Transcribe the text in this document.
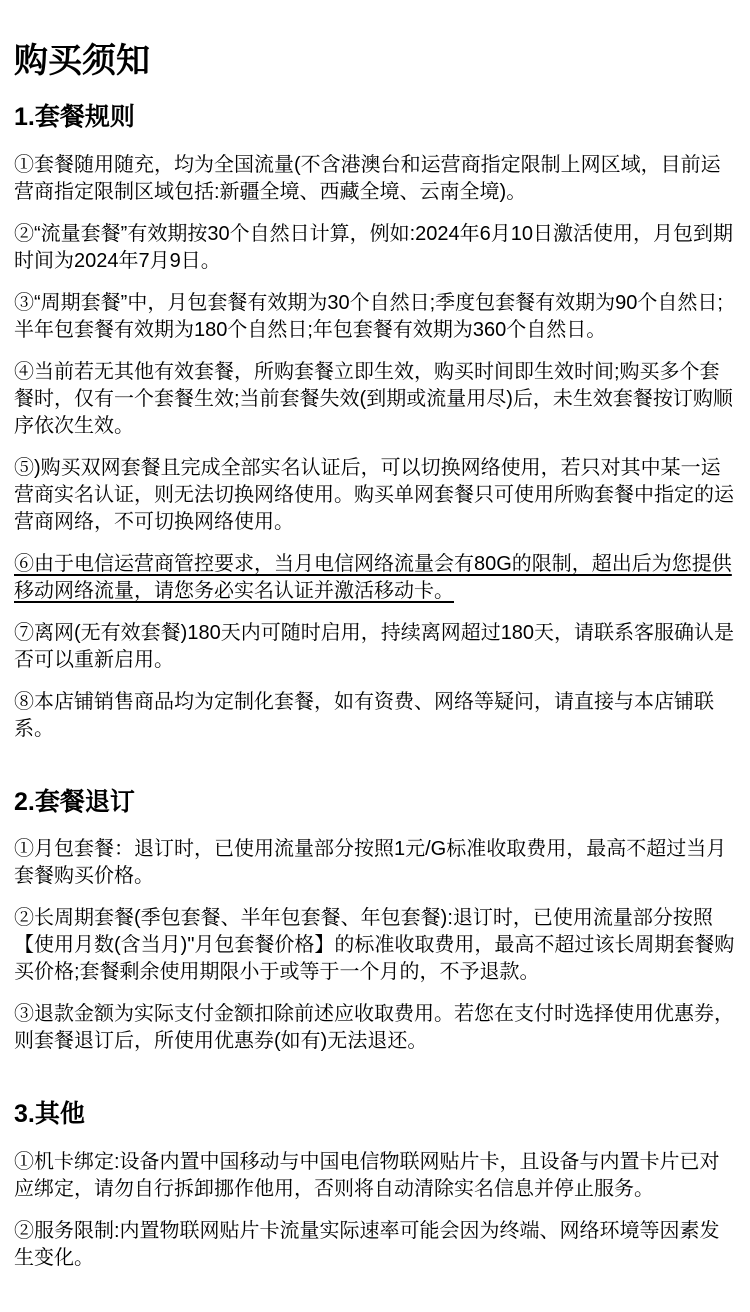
购买须知
1.套餐规则

①套餐随用随充，均为全国流量(不含港澳台和运营商指定限制上网区域，目前运营商指定限制区域包括:新疆全境、西藏全境、云南全境)。

②“流量套餐”有效期按30个自然日计算，例如:2024年6月10日激活使用，月包到期时间为2024年7月9日。

③“周期套餐”中，月包套餐有效期为30个自然日;季度包套餐有效期为90个自然日;半年包套餐有效期为180个自然日;年包套餐有效期为360个自然日。

④当前若无其他有效套餐，所购套餐立即生效，购买时间即生效时间;购买多个套餐时，仅有一个套餐生效;当前套餐失效(到期或流量用尽)后，未生效套餐按订购顺序依次生效。

⑤)购买双网套餐且完成全部实名认证后，可以切换网络使用，若只对其中某一运营商实名认证，则无法切换网络使用。购买单网套餐只可使用所购套餐中指定的运营商网络，不可切换网络使用。

⑥由于电信运营商管控要求，当月电信网络流量会有80G的限制，超出后为您提供移动网络流量，请您务必实名认证并激活移动卡。

⑦离网(无有效套餐)180天内可随时启用，持续离网超过180天，请联系客服确认是否可以重新启用。

⑧本店铺销售商品均为定制化套餐，如有资费、网络等疑问，请直接与本店铺联系。

2.套餐退订

①月包套餐：退订时，已使用流量部分按照1元/G标准收取费用，最高不超过当月套餐购买价格。

②长周期套餐(季包套餐、半年包套餐、年包套餐):退订时，已使用流量部分按照【使用月数(含当月)"月包套餐价格】的标准收取费用，最高不超过该长周期套餐购买价格;套餐剩余使用期限小于或等于一个月的，不予退款。

③退款金额为实际支付金额扣除前述应收取费用。若您在支付时选择使用优惠券，则套餐退订后，所使用优惠券(如有)无法退还。

3.其他

①机卡绑定:设备内置中国移动与中国电信物联网贴片卡，且设备与内置卡片已对应绑定，请勿自行拆卸挪作他用，否则将自动清除实名信息并停止服务。

②服务限制:内置物联网贴片卡流量实际速率可能会因为终端、网络环境等因素发生变化。
